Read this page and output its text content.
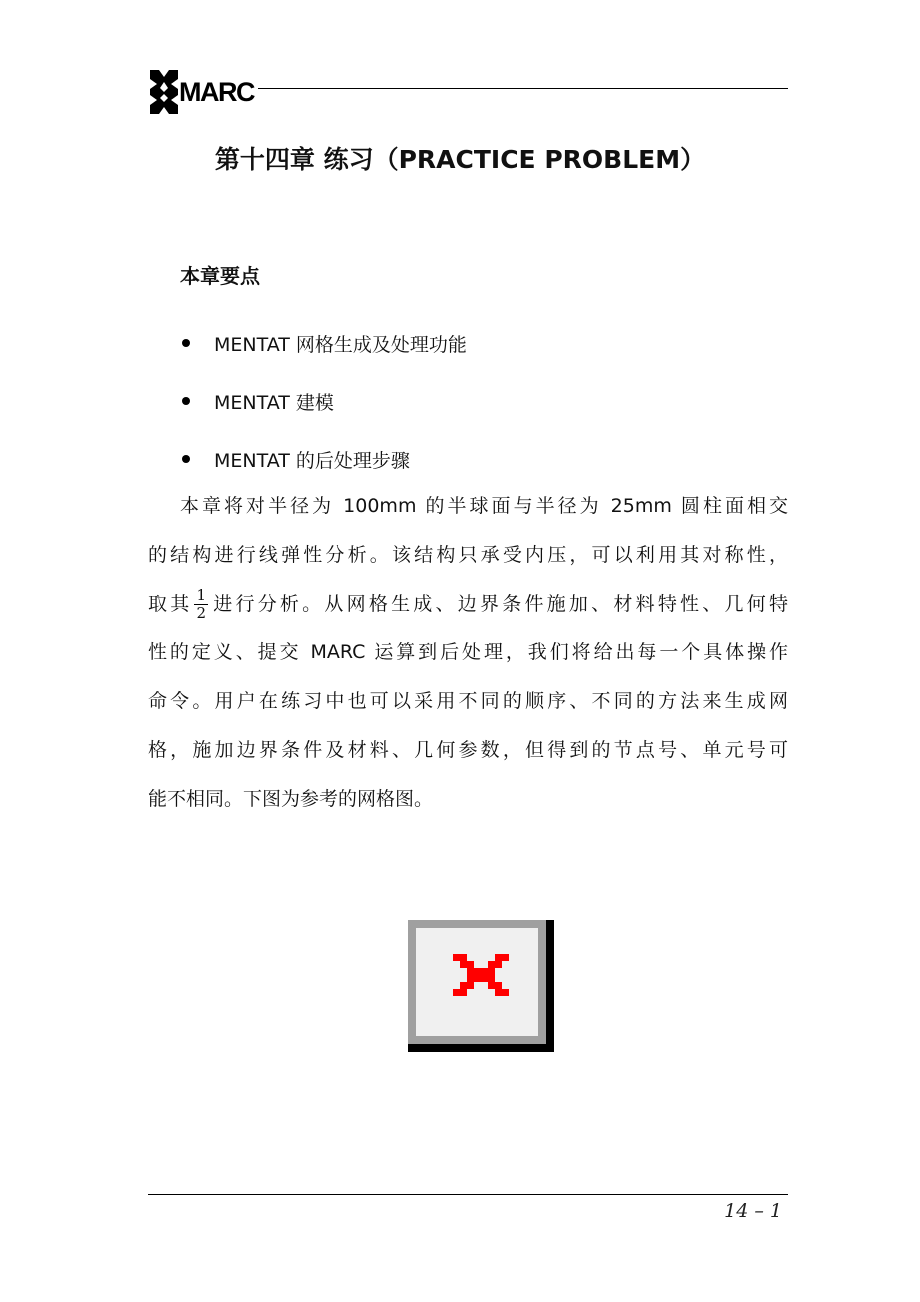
MARC
第十四章 练习（PRACTICE PROBLEM）
本章要点
MENTAT 网格生成及处理功能
MENTAT 建模
MENTAT 的后处理步骤
本章将对半径为 100mm 的半球面与半径为 25mm 圆柱面相交
的结构进行线弹性分析。该结构只承受内压，可以利用其对称性，
取其 $\frac{1}{2}$ 进行分析。从网格生成、边界条件施加、材料特性、几何特
性的定义、提交 MARC 运算到后处理，我们将给出每一个具体操作
命令。用户在练习中也可以采用不同的顺序、不同的方法来生成网
格，施加边界条件及材料、几何参数，但得到的节点号、单元号可
能不相同。下图为参考的网格图。
14 – 1
